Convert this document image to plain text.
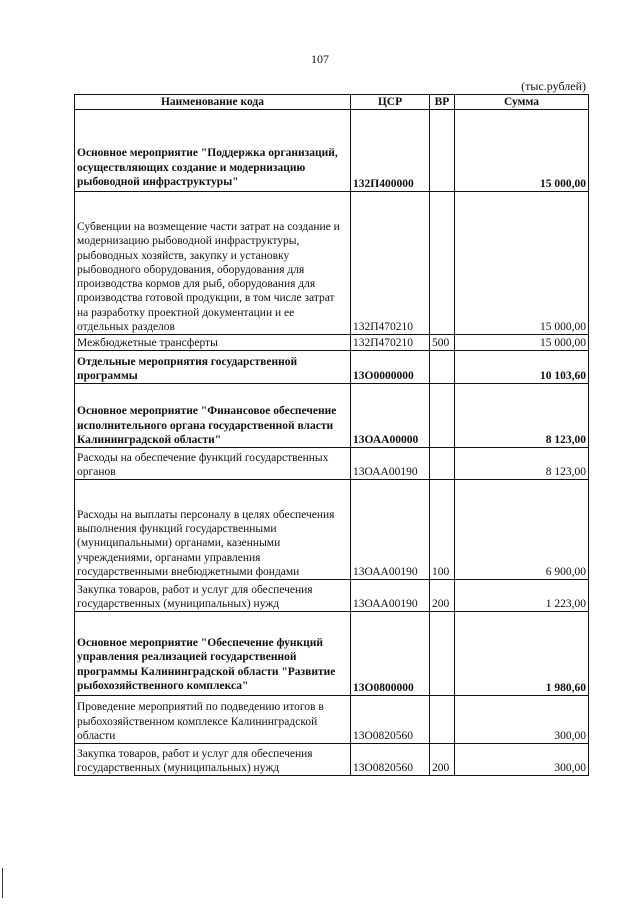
107
(тыс.рублей)
Наименование кода	ЦСР	ВР	Сумма
Основное мероприятие "Поддержка организаций, осуществляющих создание и модернизацию рыбоводной инфраструктуры"	132П400000		15 000,00
Субвенции на возмещение части затрат на создание и модернизацию рыбоводной инфраструктуры, рыбоводных хозяйств, закупку и установку рыбоводного оборудования, оборудования для производства кормов для рыб, оборудования для производства готовой продукции, в том числе затрат на разработку проектной документации и ее отдельных разделов	132П470210		15 000,00
Межбюджетные трансферты	132П470210	500	15 000,00
Отдельные мероприятия государственной программы	13О0000000		10 103,60
Основное мероприятие "Финансовое обеспечение исполнительного органа государственной власти Калининградской области"	13ОАА00000		8 123,00
Расходы на обеспечение функций государственных органов	13ОАА00190		8 123,00
Расходы на выплаты персоналу в целях обеспечения выполнения функций государственными (муниципальными) органами, казенными учреждениями, органами управления государственными внебюджетными фондами	13ОАА00190	100	6 900,00
Закупка товаров, работ и услуг для обеспечения государственных (муниципальных) нужд	13ОАА00190	200	1 223,00
Основное мероприятие "Обеспечение функций управления реализацией государственной программы Калининградской области "Развитие рыбохозяйственного комплекса"	13О0800000		1 980,60
Проведение мероприятий по подведению итогов в рыбохозяйственном комплексе Калининградской области	13О0820560		300,00
Закупка товаров, работ и услуг для обеспечения государственных (муниципальных) нужд	13О0820560	200	300,00
